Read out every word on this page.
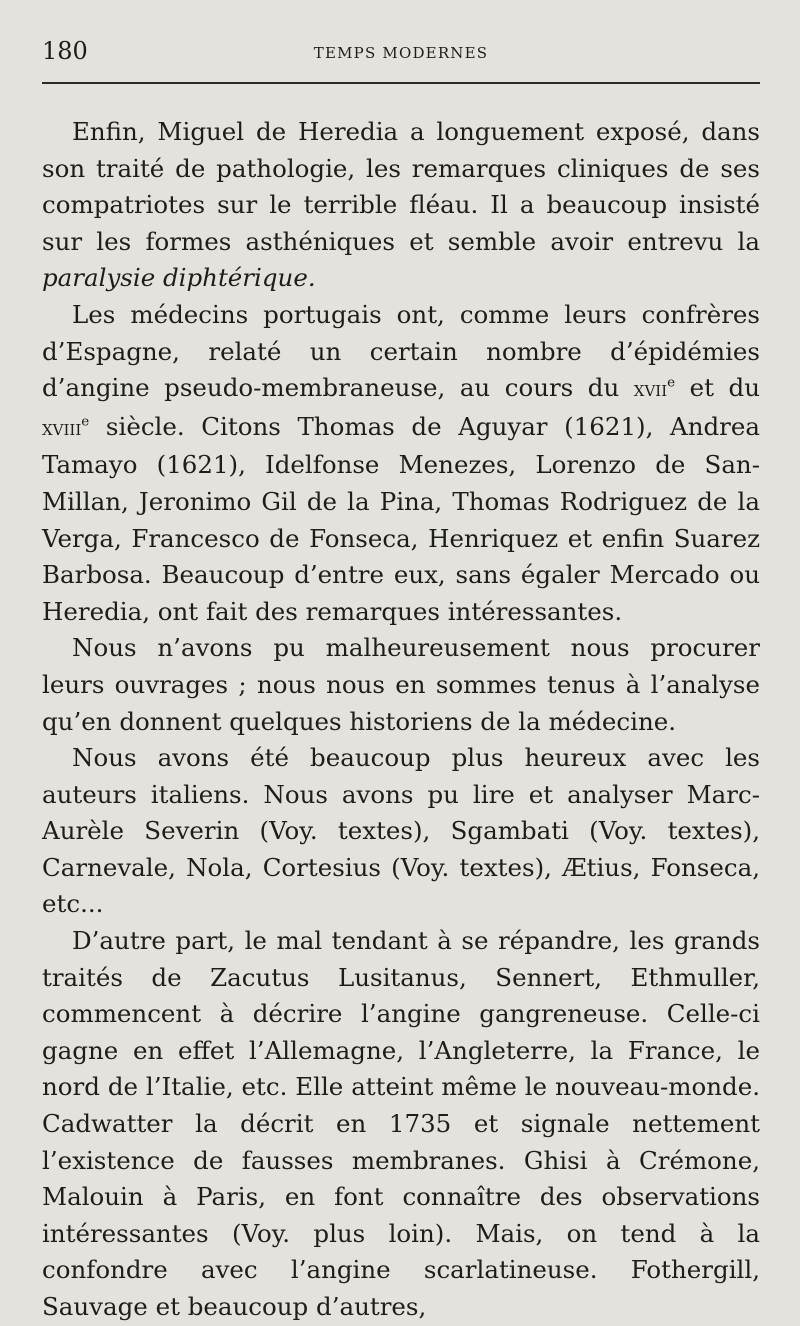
180	TEMPS MODERNES

Enfin, Miguel de Heredia a longuement exposé, dans son traité de pathologie, les remarques cliniques de ses compatriotes sur le terrible fléau. Il a beaucoup insisté sur les formes asthéniques et semble avoir entrevu la paralysie diphtérique.

Les médecins portugais ont, comme leurs confrères d’Espagne, relaté un certain nombre d’épidémies d’angine pseudo-membraneuse, au cours du xvii$^e$ et du xviii$^e$ siècle. Citons Thomas de Aguyar (1621), Andrea Tamayo (1621), Idelfonse Menezes, Lorenzo de San-Millan, Jeronimo Gil de la Pina, Thomas Rodriguez de la Verga, Francesco de Fonseca, Henriquez et enfin Suarez Barbosa. Beaucoup d’entre eux, sans égaler Mercado ou Heredia, ont fait des remarques intéressantes.

Nous n’avons pu malheureusement nous procurer leurs ouvrages ; nous nous en sommes tenus à l’analyse qu’en donnent quelques historiens de la médecine.

Nous avons été beaucoup plus heureux avec les auteurs italiens. Nous avons pu lire et analyser Marc-Aurèle Severin (Voy. textes), Sgambati (Voy. textes), Carnevale, Nola, Cortesius (Voy. textes), Ætius, Fonseca, etc...

D’autre part, le mal tendant à se répandre, les grands traités de Zacutus Lusitanus, Sennert, Ethmuller, commencent à décrire l’angine gangreneuse. Celle-ci gagne en effet l’Allemagne, l’Angleterre, la France, le nord de l’Italie, etc. Elle atteint même le nouveau-monde. Cadwatter la décrit en 1735 et signale nettement l’existence de fausses membranes. Ghisi à Crémone, Malouin à Paris, en font connaître des observations intéressantes (Voy. plus loin). Mais, on tend à la confondre avec l’angine scarlatineuse. Fothergill, Sauvage et beaucoup d’autres,
